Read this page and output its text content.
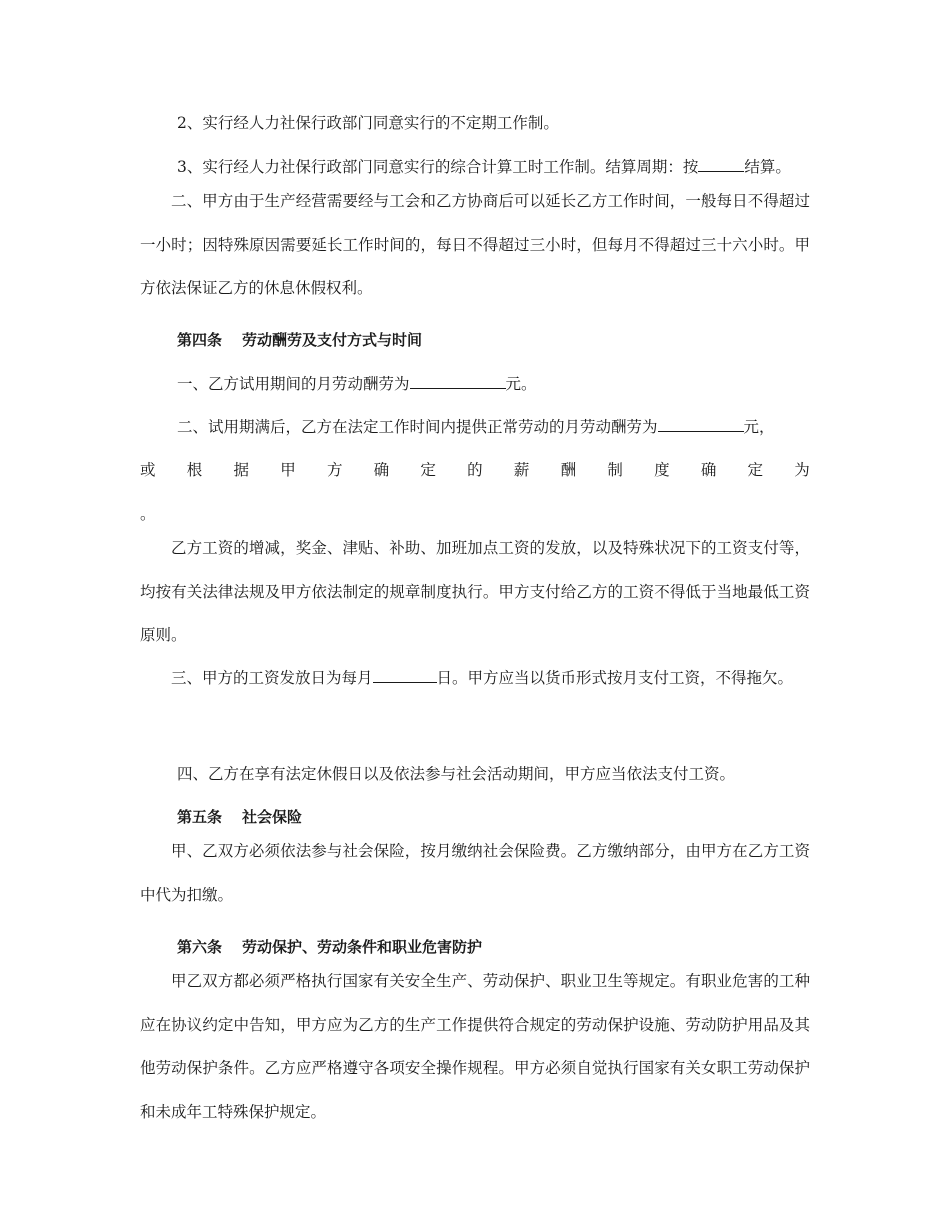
2、实行经人力社保行政部门同意实行的不定期工作制。

3、实行经人力社保行政部门同意实行的综合计算工时工作制。结算周期：按	结算。

二、甲方由于生产经营需要经与工会和乙方协商后可以延长乙方工作时间，一般每日不得超过一小时；因特殊原因需要延长工作时间的，每日不得超过三小时，但每月不得超过三十六小时。甲方依法保证乙方的休息休假权利。

第四条 劳动酬劳及支付方式与时间

一、乙方试用期间的月劳动酬劳为	元。

二、试用期满后，乙方在法定工作时间内提供正常劳动的月劳动酬劳为	元，

或 根 据 甲 方 确 定 的 薪 酬 制 度 确 定 为

。

乙方工资的增减，奖金、津贴、补助、加班加点工资的发放，以及特殊状况下的工资支付等，均按有关法律法规及甲方依法制定的规章制度执行。甲方支付给乙方的工资不得低于当地最低工资原则。

三、甲方的工资发放日为每月	日。甲方应当以货币形式按月支付工资，不得拖欠。

四、乙方在享有法定休假日以及依法参与社会活动期间，甲方应当依法支付工资。

第五条 社会保险

甲、乙双方必须依法参与社会保险，按月缴纳社会保险费。乙方缴纳部分，由甲方在乙方工资中代为扣缴。

第六条 劳动保护、劳动条件和职业危害防护

甲乙双方都必须严格执行国家有关安全生产、劳动保护、职业卫生等规定。有职业危害的工种应在协议约定中告知，甲方应为乙方的生产工作提供符合规定的劳动保护设施、劳动防护用品及其他劳动保护条件。乙方应严格遵守各项安全操作规程。甲方必须自觉执行国家有关女职工劳动保护和未成年工特殊保护规定。
